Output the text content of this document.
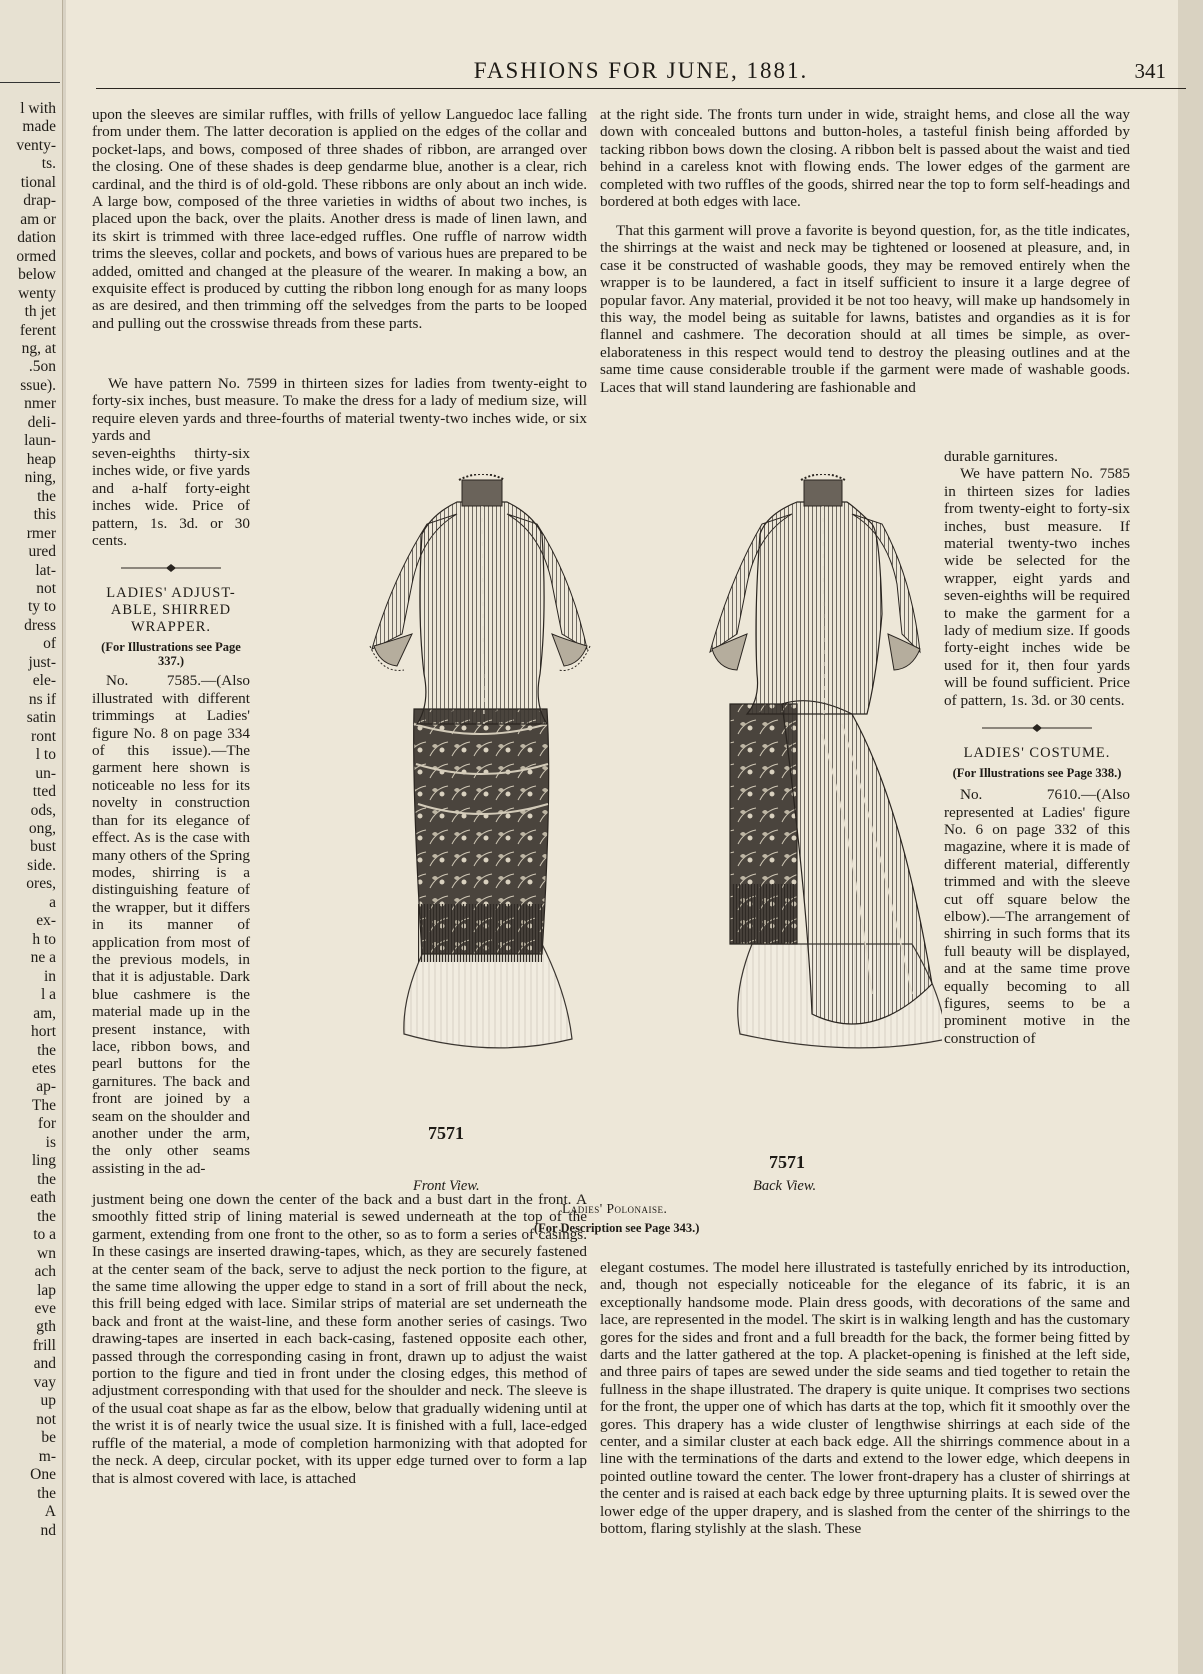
l with
made
venty-
ts.
tional
drap-
am or
dation
ormed
below
wenty
th jet
ferent
ng, at
.5on
ssue).
nmer
deli-
laun-
heap
ning,
the
this
rmer
ured
lat-
not
ty to
dress
of
just-
ele-
ns if
satin
ront
l to
un-
tted
ods,
ong,
bust
side.
ores,
a
ex-
h to
ne a
in
l a
am,
hort
the
etes
ap-
The
for
is
ling
the
eath
the
to a
wn
ach
lap
eve
gth
frill
and
vay
up
not
be
m-
One
the
A
nd
FASHIONS FOR JUNE, 1881.	341
upon the sleeves are similar ruffles, with frills of yellow Languedoc lace falling from under them. The latter decoration is applied on the edges of the collar and pocket-laps, and bows, composed of three shades of ribbon, are arranged over the closing. One of these shades is deep gendarme blue, another is a clear, rich cardinal, and the third is of old-gold. These ribbons are only about an inch wide. A large bow, composed of the three varieties in widths of about two inches, is placed upon the back, over the plaits. Another dress is made of linen lawn, and its skirt is trimmed with three lace-edged ruffles. One ruffle of narrow width trims the sleeves, collar and pockets, and bows of various hues are prepared to be added, omitted and changed at the pleasure of the wearer. In making a bow, an exquisite effect is produced by cutting the ribbon long enough for as many loops as are desired, and then trimming off the selvedges from the parts to be looped and pulling out the crosswise threads from these parts.
We have pattern No. 7599 in thirteen sizes for ladies from twenty-eight to forty-six inches, bust measure. To make the dress for a lady of medium size, will require eleven yards and three-fourths of material twenty-two inches wide, or six yards and
seven-eighths thirty-six inches wide, or five yards and a-half forty-eight inches wide. Price of pattern, 1s. 3d. or 30 cents.
LADIES' ADJUST-ABLE, SHIRRED WRAPPER.
(For Illustrations see Page 337.)
No. 7585.—(Also illustrated with different trimmings at Ladies' figure No. 8 on page 334 of this issue).—The garment here shown is noticeable no less for its novelty in construction than for its elegance of effect. As is the case with many others of the Spring modes, shirring is a distinguishing feature of the wrapper, but it differs in its manner of application from most of the previous models, in that it is adjustable. Dark blue cashmere is the material made up in the present instance, with lace, ribbon bows, and pearl buttons for the garnitures. The back and front are joined by a seam on the shoulder and another under the arm, the only other seams assisting in the ad-
justment being one down the center of the back and a bust dart in the front. A smoothly fitted strip of lining material is sewed underneath at the top of the garment, extending from one front to the other, so as to form a series of casings. In these casings are inserted drawing-tapes, which, as they are securely fastened at the center seam of the back, serve to adjust the neck portion to the figure, at the same time allowing the upper edge to stand in a sort of frill about the neck, this frill being edged with lace. Similar strips of material are set underneath the back and front at the waist-line, and these form another series of casings. Two drawing-tapes are inserted in each back-casing, fastened opposite each other, passed through the corresponding casing in front, drawn up to adjust the waist portion to the figure and tied in front under the closing edges, this method of adjustment corresponding with that used for the shoulder and neck. The sleeve is of the usual coat shape as far as the elbow, below that gradually widening until at the wrist it is of nearly twice the usual size. It is finished with a full, lace-edged ruffle of the material, a mode of completion harmonizing with that adopted for the neck. A deep, circular pocket, with its upper edge turned over to form a lap that is almost covered with lace, is attached
at the right side. The fronts turn under in wide, straight hems, and close all the way down with concealed buttons and button-holes, a tasteful finish being afforded by tacking ribbon bows down the closing. A ribbon belt is passed about the waist and tied behind in a careless knot with flowing ends. The lower edges of the garment are completed with two ruffles of the goods, shirred near the top to form self-headings and bordered at both edges with lace.
That this garment will prove a favorite is beyond question, for, as the title indicates, the shirrings at the waist and neck may be tightened or loosened at pleasure, and, in case it be constructed of washable goods, they may be removed entirely when the wrapper is to be laundered, a fact in itself sufficient to insure it a large degree of popular favor. Any material, provided it be not too heavy, will make up handsomely in this way, the model being as suitable for lawns, batistes and organdies as it is for flannel and cashmere. The decoration should at all times be simple, as over-elaborateness in this respect would tend to destroy the pleasing outlines and at the same time cause considerable trouble if the garment were made of washable goods. Laces that will stand laundering are fashionable and
durable garnitures.
We have pattern No. 7585 in thirteen sizes for ladies from twenty-eight to forty-six inches, bust measure. If material twenty-two inches wide be selected for the wrapper, eight yards and seven-eighths will be required to make the garment for a lady of medium size. If goods forty-eight inches wide be used for it, then four yards will be found sufficient. Price of pattern, 1s. 3d. or 30 cents.
LADIES' COSTUME.
(For Illustrations see Page 338.)
No. 7610.—(Also represented at Ladies' figure No. 6 on page 332 of this magazine, where it is made of different material, differently trimmed and with the sleeve cut off square below the elbow).—The arrangement of shirring in such forms that its full beauty will be displayed, and at the same time prove equally becoming to all figures, seems to be a prominent motive in the construction of
elegant costumes. The model here illustrated is tastefully enriched by its introduction, and, though not especially noticeable for the elegance of its fabric, it is an exceptionally handsome mode. Plain dress goods, with decorations of the same and lace, are represented in the model. The skirt is in walking length and has the customary gores for the sides and front and a full breadth for the back, the former being fitted by darts and the latter gathered at the top. A placket-opening is finished at the left side, and three pairs of tapes are sewed under the side seams and tied together to retain the fullness in the shape illustrated. The drapery is quite unique. It comprises two sections for the front, the upper one of which has darts at the top, which fit it smoothly over the gores. This drapery has a wide cluster of lengthwise shirrings at each side of the center, and a similar cluster at each back edge. All the shirrings commence about in a line with the terminations of the darts and extend to the lower edge, which deepens in pointed outline toward the center. The lower front-drapery has a cluster of shirrings at the center and is raised at each back edge by three upturning plaits. It is sewed over the lower edge of the upper drapery, and is slashed from the center of the shirrings to the bottom, flaring stylishly at the slash. These
7571
7571
Front View.	Back View.
Ladies' Polonaise.
(For Description see Page 343.)
